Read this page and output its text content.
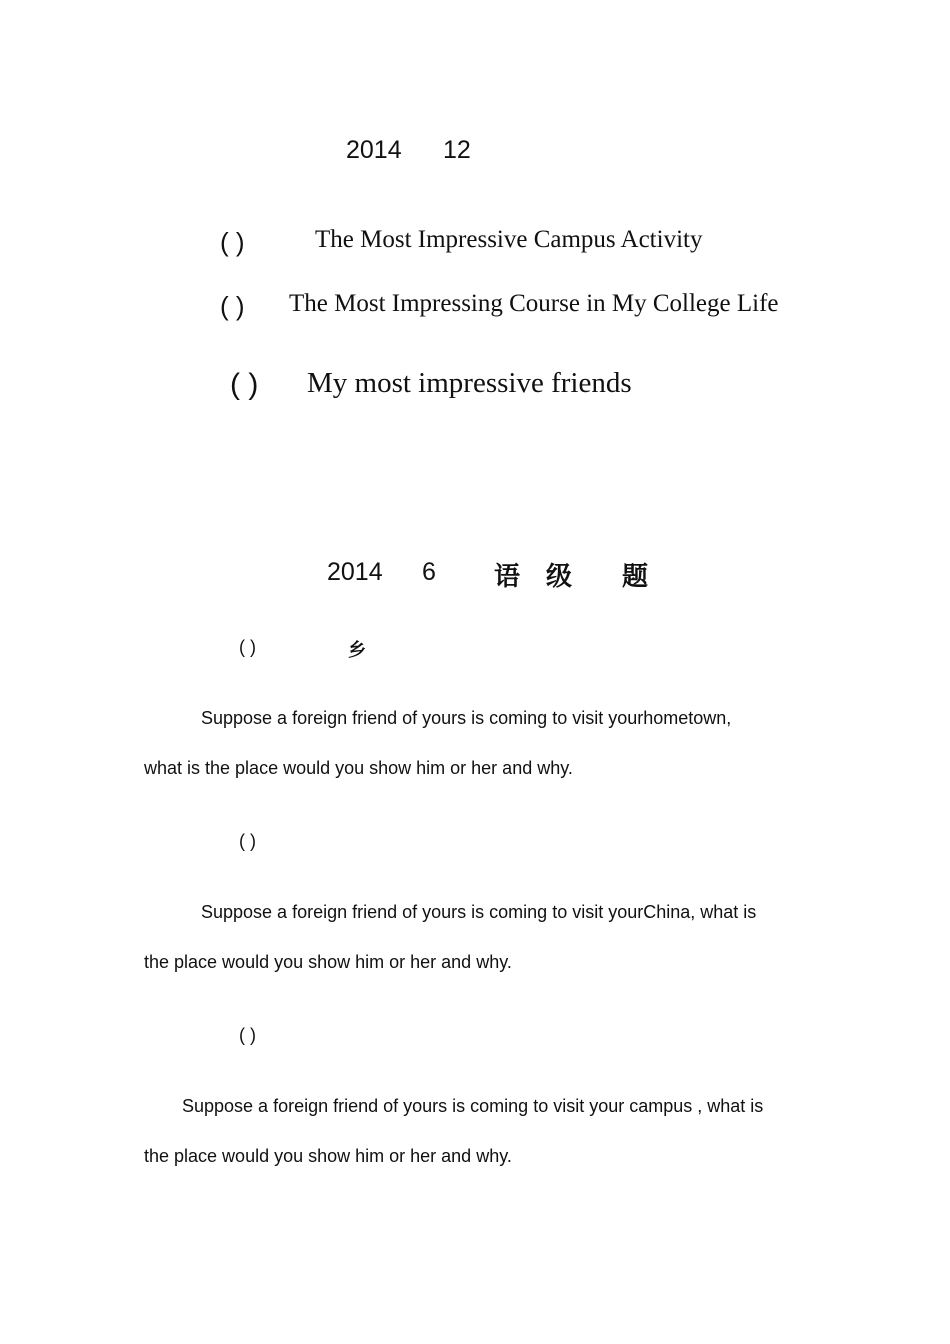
2014 12
( )	The Most Impressive Campus Activity
( ) The Most Impressing Course in My College Life
( ) My most impressive friends
2014 6 语 级 题
( )	乡
Suppose a foreign friend of yours is coming to visit yourhometown,
what is the place would you show him or her and why.
( )
Suppose a foreign friend of yours is coming to visit yourChina, what is
the place would you show him or her and why.
( )
Suppose a foreign friend of yours is coming to visit your campus , what is
the place would you show him or her and why.
